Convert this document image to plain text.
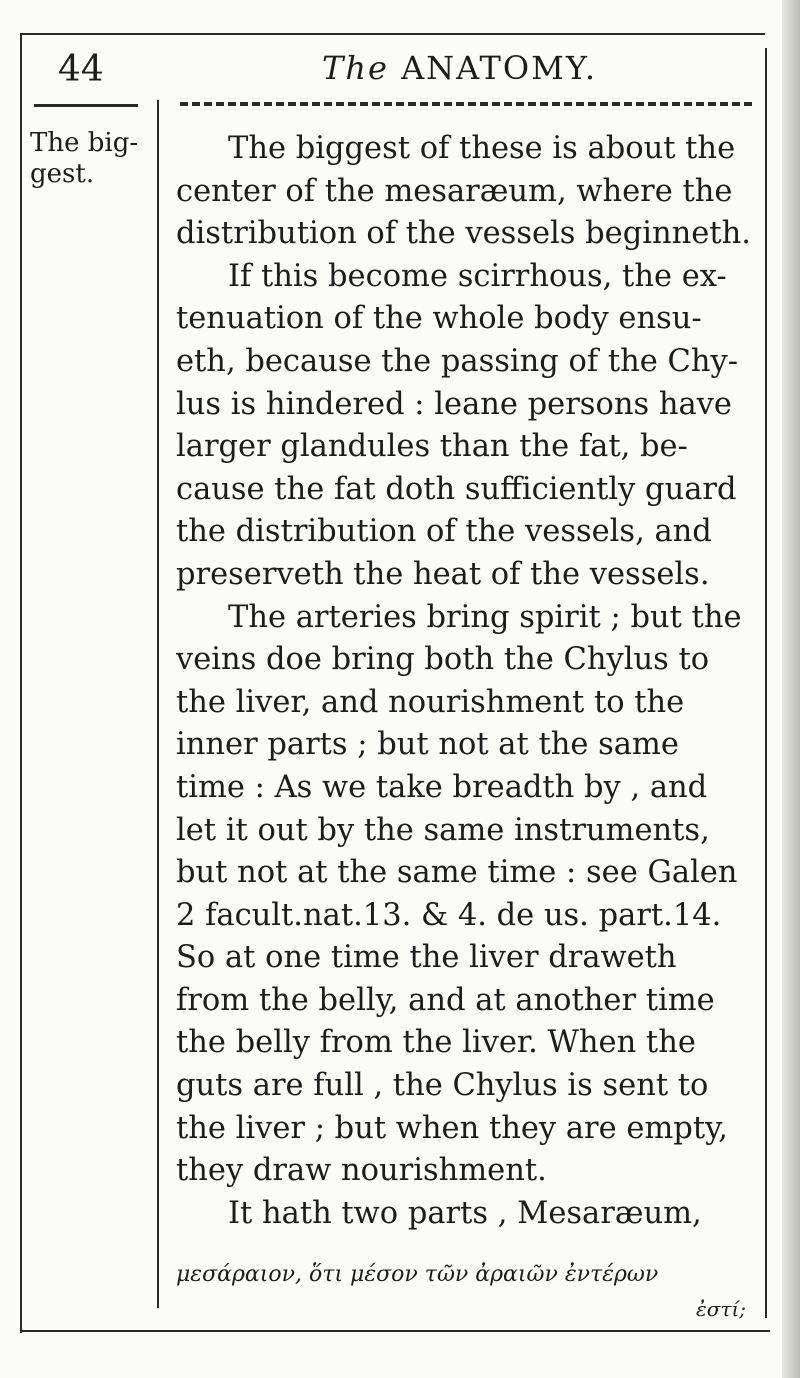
44	The ANATOMY.
The big-
gest.
The biggest of these is about the
center of the mesaræum, where the
distribution of the vessels beginneth.
If this become scirrhous, the ex-
tenuation of the whole body ensu-
eth, because the passing of the Chy-
lus is hindered : leane persons have
larger glandules than the fat, be-
cause the fat doth sufficiently guard
the distribution of the vessels, and
preserveth the heat of the vessels.
The arteries bring spirit ; but the
veins doe bring both the Chylus to
the liver, and nourishment to the
inner parts ; but not at the same
time : As we take breadth by , and
let it out by the same instruments,
but not at the same time : see Galen
2 facult.nat.13. & 4. de us. part.14.
So at one time the liver draweth
from the belly, and at another time
the belly from the liver. When the
guts are full , the Chylus is sent to
the liver ; but when they are empty,
they draw nourishment.
It hath two parts , Mesaræum,
μεσάραιον, ὅτι μέσον τῶν ἀραιῶν ἐντέρων
ἐστί;
